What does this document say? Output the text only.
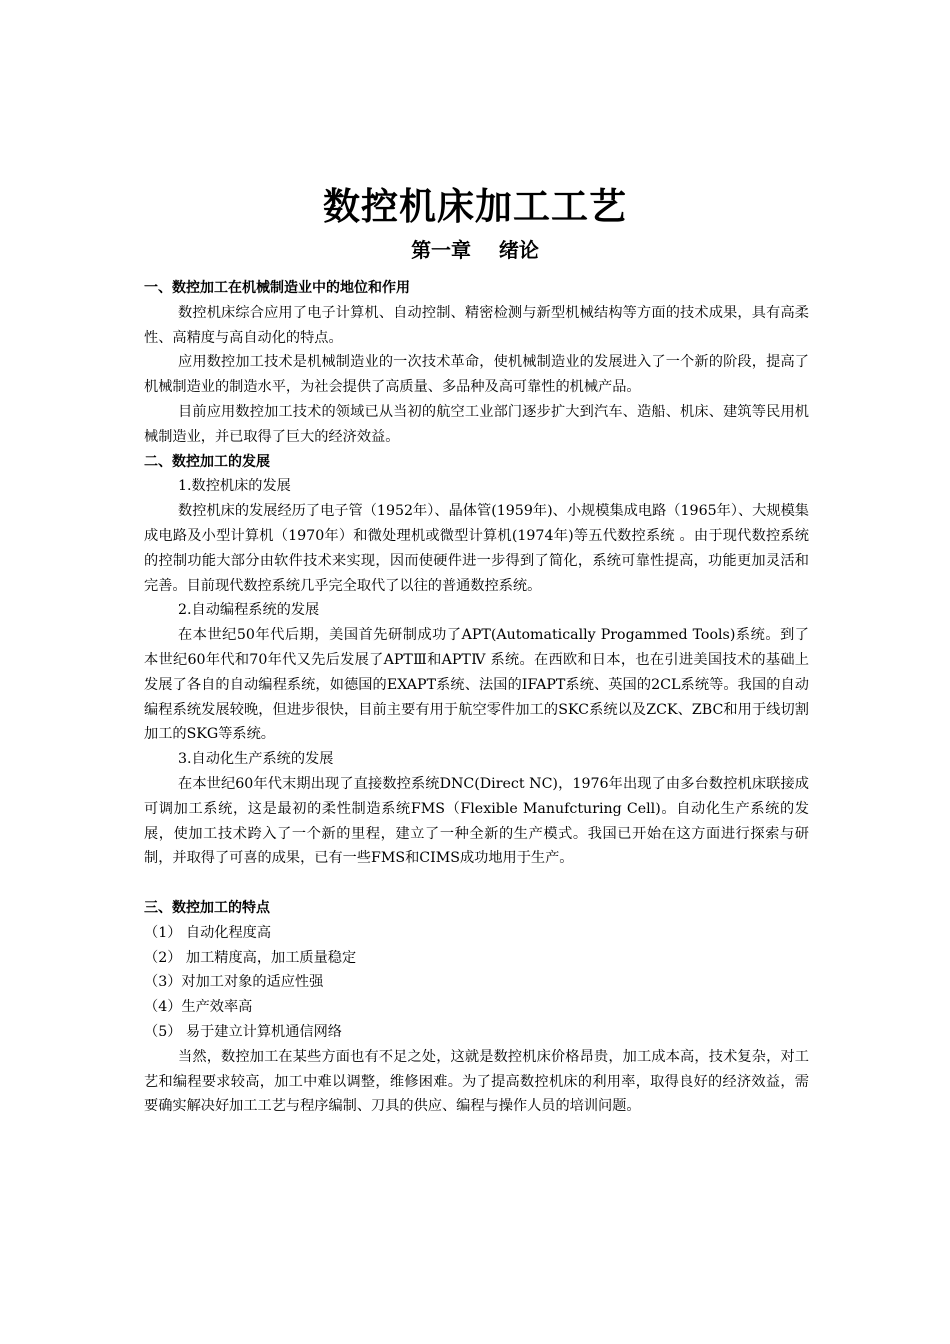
数控机床加工工艺
第一章    绪论

一、数控加工在机械制造业中的地位和作用

数控机床综合应用了电子计算机、自动控制、精密检测与新型机械结构等方面的技术成果，具有高柔性、高精度与高自动化的特点。

应用数控加工技术是机械制造业的一次技术革命，使机械制造业的发展进入了一个新的阶段，提高了机械制造业的制造水平，为社会提供了高质量、多品种及高可靠性的机械产品。

目前应用数控加工技术的领域已从当初的航空工业部门逐步扩大到汽车、造船、机床、建筑等民用机械制造业，并已取得了巨大的经济效益。

二、数控加工的发展

1.数控机床的发展

数控机床的发展经历了电子管（1952年）、晶体管(1959年)、小规模集成电路（1965年）、大规模集成电路及小型计算机（1970年）和微处理机或微型计算机(1974年)等五代数控系统 。由于现代数控系统的控制功能大部分由软件技术来实现，因而使硬件进一步得到了简化，系统可靠性提高，功能更加灵活和完善。目前现代数控系统几乎完全取代了以往的普通数控系统。

2.自动编程系统的发展

在本世纪50年代后期，美国首先研制成功了APT(Automatically Progammed Tools)系统。到了本世纪60年代和70年代又先后发展了APTⅢ和APTⅣ 系统。在西欧和日本，也在引进美国技术的基础上发展了各自的自动编程系统，如德国的EXAPT系统、法国的IFAPT系统、英国的2CL系统等。我国的自动编程系统发展较晚，但进步很快，目前主要有用于航空零件加工的SKC系统以及ZCK、ZBC和用于线切割加工的SKG等系统。

3.自动化生产系统的发展

在本世纪60年代末期出现了直接数控系统DNC(Direct NC)，1976年出现了由多台数控机床联接成可调加工系统，这是最初的柔性制造系统FMS（Flexible Manufcturing Cell)。自动化生产系统的发展，使加工技术跨入了一个新的里程，建立了一种全新的生产模式。我国已开始在这方面进行探索与研制，并取得了可喜的成果，已有一些FMS和CIMS成功地用于生产。

三、数控加工的特点

（1） 自动化程度高

（2） 加工精度高，加工质量稳定

（3）对加工对象的适应性强

（4）生产效率高

（5） 易于建立计算机通信网络

当然，数控加工在某些方面也有不足之处，这就是数控机床价格昂贵，加工成本高，技术复杂，对工艺和编程要求较高，加工中难以调整，维修困难。为了提高数控机床的利用率，取得良好的经济效益，需要确实解决好加工工艺与程序编制、刀具的供应、编程与操作人员的培训问题。
